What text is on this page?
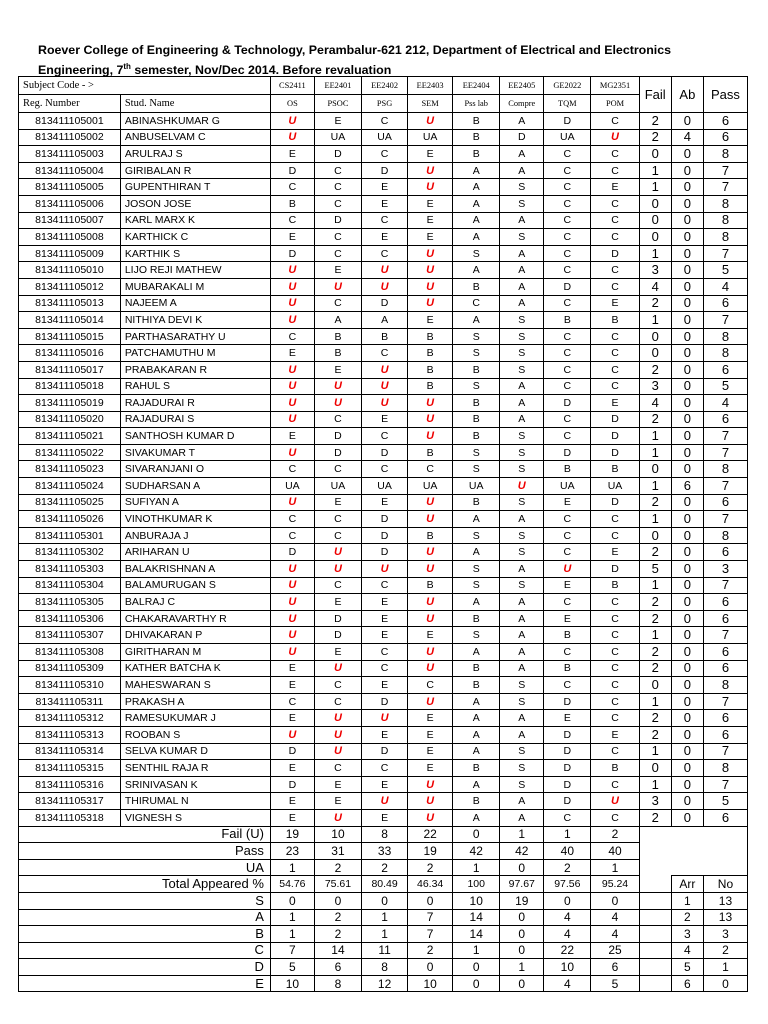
Roever College of Engineering & Technology, Perambalur-621 212, Department of Electrical and Electronics
Engineering, 7th semester, Nov/Dec 2014. Before revaluation
Subject Code - >		CS2411	EE2401	EE2402	EE2403	EE2404	EE2405	GE2022	MG2351	Fail	Ab	Pass
Reg. Number	Stud. Name	OS	PSOC	PSG	SEM	Pss lab	Compre	TQM	POM			
813411105001	ABINASHKUMAR G	U	E	C	U	B	A	D	C	2	0	6
813411105002	ANBUSELVAM C	U	UA	UA	UA	B	D	UA	U	2	4	6
813411105003	ARULRAJ S	E	D	C	E	B	A	C	C	0	0	8
813411105004	GIRIBALAN R	D	C	D	U	A	A	C	C	1	0	7
813411105005	GUPENTHIRAN T	C	C	E	U	A	S	C	E	1	0	7
813411105006	JOSON JOSE	B	C	E	E	A	S	C	C	0	0	8
813411105007	KARL MARX K	C	D	C	E	A	A	C	C	0	0	8
813411105008	KARTHICK C	E	C	E	E	A	S	C	C	0	0	8
813411105009	KARTHIK S	D	C	C	U	S	A	C	D	1	0	7
813411105010	LIJO REJI MATHEW	U	E	U	U	A	A	C	C	3	0	5
813411105012	MUBARAKALI M	U	U	U	U	B	A	D	C	4	0	4
813411105013	NAJEEM A	U	C	D	U	C	A	C	E	2	0	6
813411105014	NITHIYA DEVI K	U	A	A	E	A	S	B	B	1	0	7
813411105015	PARTHASARATHY U	C	B	B	B	S	S	C	C	0	0	8
813411105016	PATCHAMUTHU M	E	B	C	B	S	S	C	C	0	0	8
813411105017	PRABAKARAN R	U	E	U	B	B	S	C	C	2	0	6
813411105018	RAHUL S	U	U	U	B	S	A	C	C	3	0	5
813411105019	RAJADURAI R	U	U	U	U	B	A	D	E	4	0	4
813411105020	RAJADURAI S	U	C	E	U	B	A	C	D	2	0	6
813411105021	SANTHOSH KUMAR D	E	D	C	U	B	S	C	D	1	0	7
813411105022	SIVAKUMAR T	U	D	D	B	S	S	D	D	1	0	7
813411105023	SIVARANJANI O	C	C	C	C	S	S	B	B	0	0	8
813411105024	SUDHARSAN A	UA	UA	UA	UA	UA	U	UA	UA	1	6	7
813411105025	SUFIYAN A	U	E	E	U	B	S	E	D	2	0	6
813411105026	VINOTHKUMAR K	C	C	D	U	A	A	C	C	1	0	7
813411105301	ANBURAJA J	C	C	D	B	S	S	C	C	0	0	8
813411105302	ARIHARAN U	D	U	D	U	A	S	C	E	2	0	6
813411105303	BALAKRISHNAN A	U	U	U	U	S	A	U	D	5	0	3
813411105304	BALAMURUGAN S	U	C	C	B	S	S	E	B	1	0	7
813411105305	BALRAJ C	U	E	E	U	A	A	C	C	2	0	6
813411105306	CHAKARAVARTHY R	U	D	E	U	B	A	E	C	2	0	6
813411105307	DHIVAKARAN P	U	D	E	E	S	A	B	C	1	0	7
813411105308	GIRITHARAN M	U	E	C	U	A	A	C	C	2	0	6
813411105309	KATHER BATCHA K	E	U	C	U	B	A	B	C	2	0	6
813411105310	MAHESWARAN S	E	C	E	C	B	S	C	C	0	0	8
813411105311	PRAKASH A	C	C	D	U	A	S	D	C	1	0	7
813411105312	RAMESUKUMAR J	E	U	U	E	A	A	E	C	2	0	6
813411105313	ROOBAN S	U	U	E	E	A	A	D	E	2	0	6
813411105314	SELVA KUMAR D	D	U	D	E	A	S	D	C	1	0	7
813411105315	SENTHIL RAJA R	E	C	C	E	B	S	D	B	0	0	8
813411105316	SRINIVASAN K	D	E	E	U	A	S	D	C	1	0	7
813411105317	THIRUMAL N	E	E	U	U	B	A	D	U	3	0	5
813411105318	VIGNESH S	E	U	E	U	A	A	C	C	2	0	6
Fail (U)		19	10	8	22	0	1	1	2			
Pass		23	31	33	19	42	42	40	40			
UA		1	2	2	2	1	0	2	1			
Total Appeared %		54.76	75.61	80.49	46.34	100	97.67	97.56	95.24		Arr	No
S		0	0	0	0	10	19	0	0		1	13
A		1	2	1	7	14	0	4	4		2	13
B		1	2	1	7	14	0	4	4		3	3
C		7	14	11	2	1	0	22	25		4	2
D		5	6	8	0	0	1	10	6		5	1
E		10	8	12	10	0	0	4	5		6	0
